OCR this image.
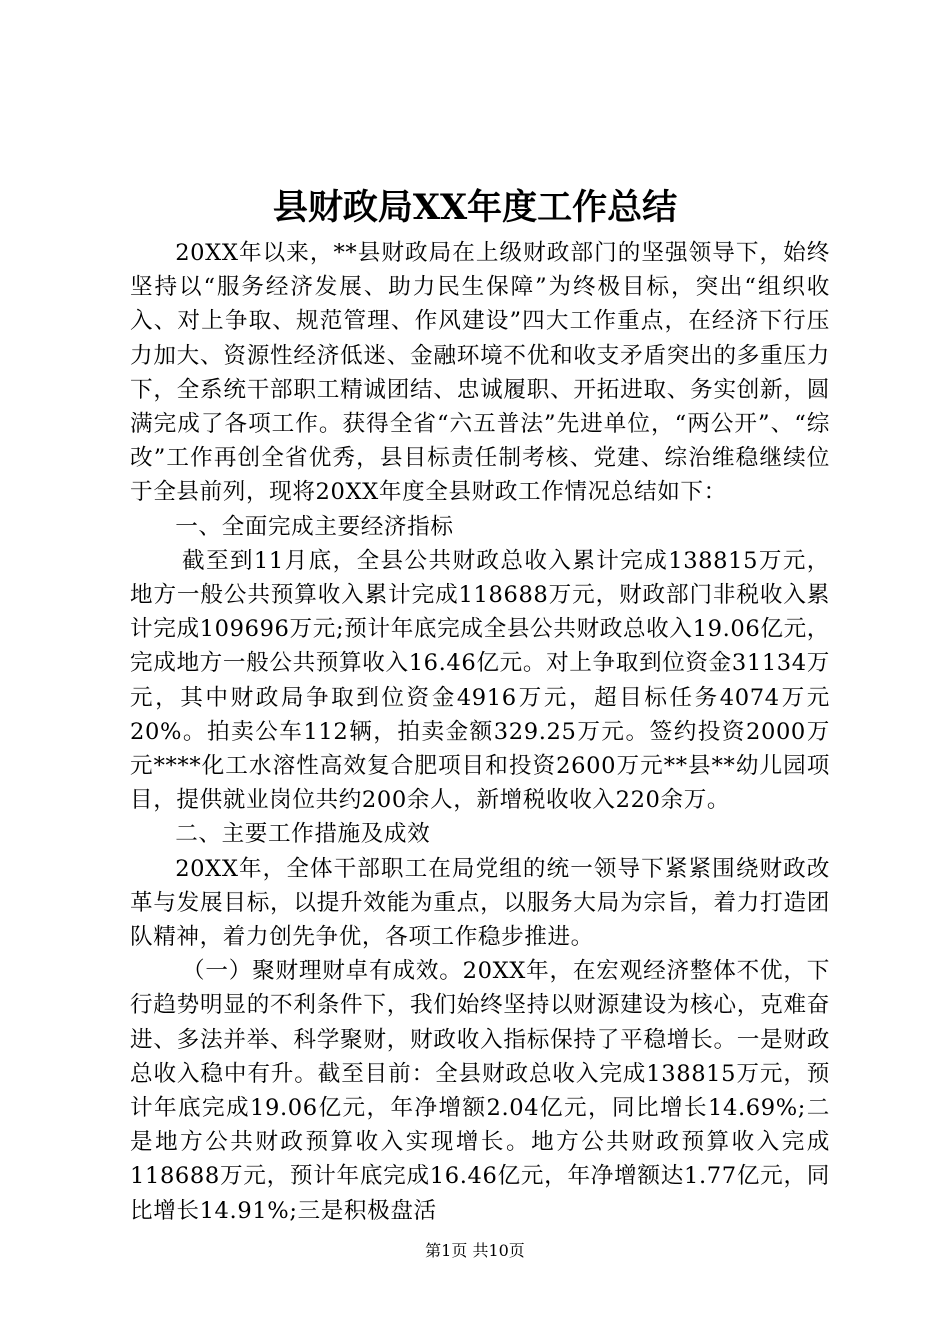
县财政局XX年度工作总结

20XX年以来，**县财政局在上级财政部门的坚强领导下，始终坚持以“服务经济发展、助力民生保障”为终极目标，突出“组织收入、对上争取、规范管理、作风建设”四大工作重点，在经济下行压力加大、资源性经济低迷、金融环境不优和收支矛盾突出的多重压力下，全系统干部职工精诚团结、忠诚履职、开拓进取、务实创新，圆满完成了各项工作。获得全省“六五普法”先进单位，“两公开”、“综改”工作再创全省优秀，县目标责任制考核、党建、综治维稳继续位于全县前列，现将20XX年度全县财政工作情况总结如下：

一、全面完成主要经济指标

截至到11月底，全县公共财政总收入累计完成138815万元，地方一般公共预算收入累计完成118688万元，财政部门非税收入累计完成109696万元;预计年底完成全县公共财政总收入19.06亿元，完成地方一般公共预算收入16.46亿元。对上争取到位资金31134万元，其中财政局争取到位资金4916万元，超目标任务4074万元20%。拍卖公车112辆，拍卖金额329.25万元。签约投资2000万元****化工水溶性高效复合肥项目和投资2600万元**县**幼儿园项目，提供就业岗位共约200余人，新增税收收入220余万。

二、主要工作措施及成效

20XX年，全体干部职工在局党组的统一领导下紧紧围绕财政改革与发展目标，以提升效能为重点，以服务大局为宗旨，着力打造团队精神，着力创先争优，各项工作稳步推进。

（一）聚财理财卓有成效。20XX年，在宏观经济整体不优，下行趋势明显的不利条件下，我们始终坚持以财源建设为核心，克难奋进、多法并举、科学聚财，财政收入指标保持了平稳增长。一是财政总收入稳中有升。截至目前：全县财政总收入完成138815万元，预计年底完成19.06亿元，年净增额2.04亿元，同比增长14.69%;二是地方公共财政预算收入实现增长。地方公共财政预算收入完成118688万元，预计年底完成16.46亿元，年净增额达1.77亿元，同比增长14.91%;三是积极盘活

第1页 共10页
